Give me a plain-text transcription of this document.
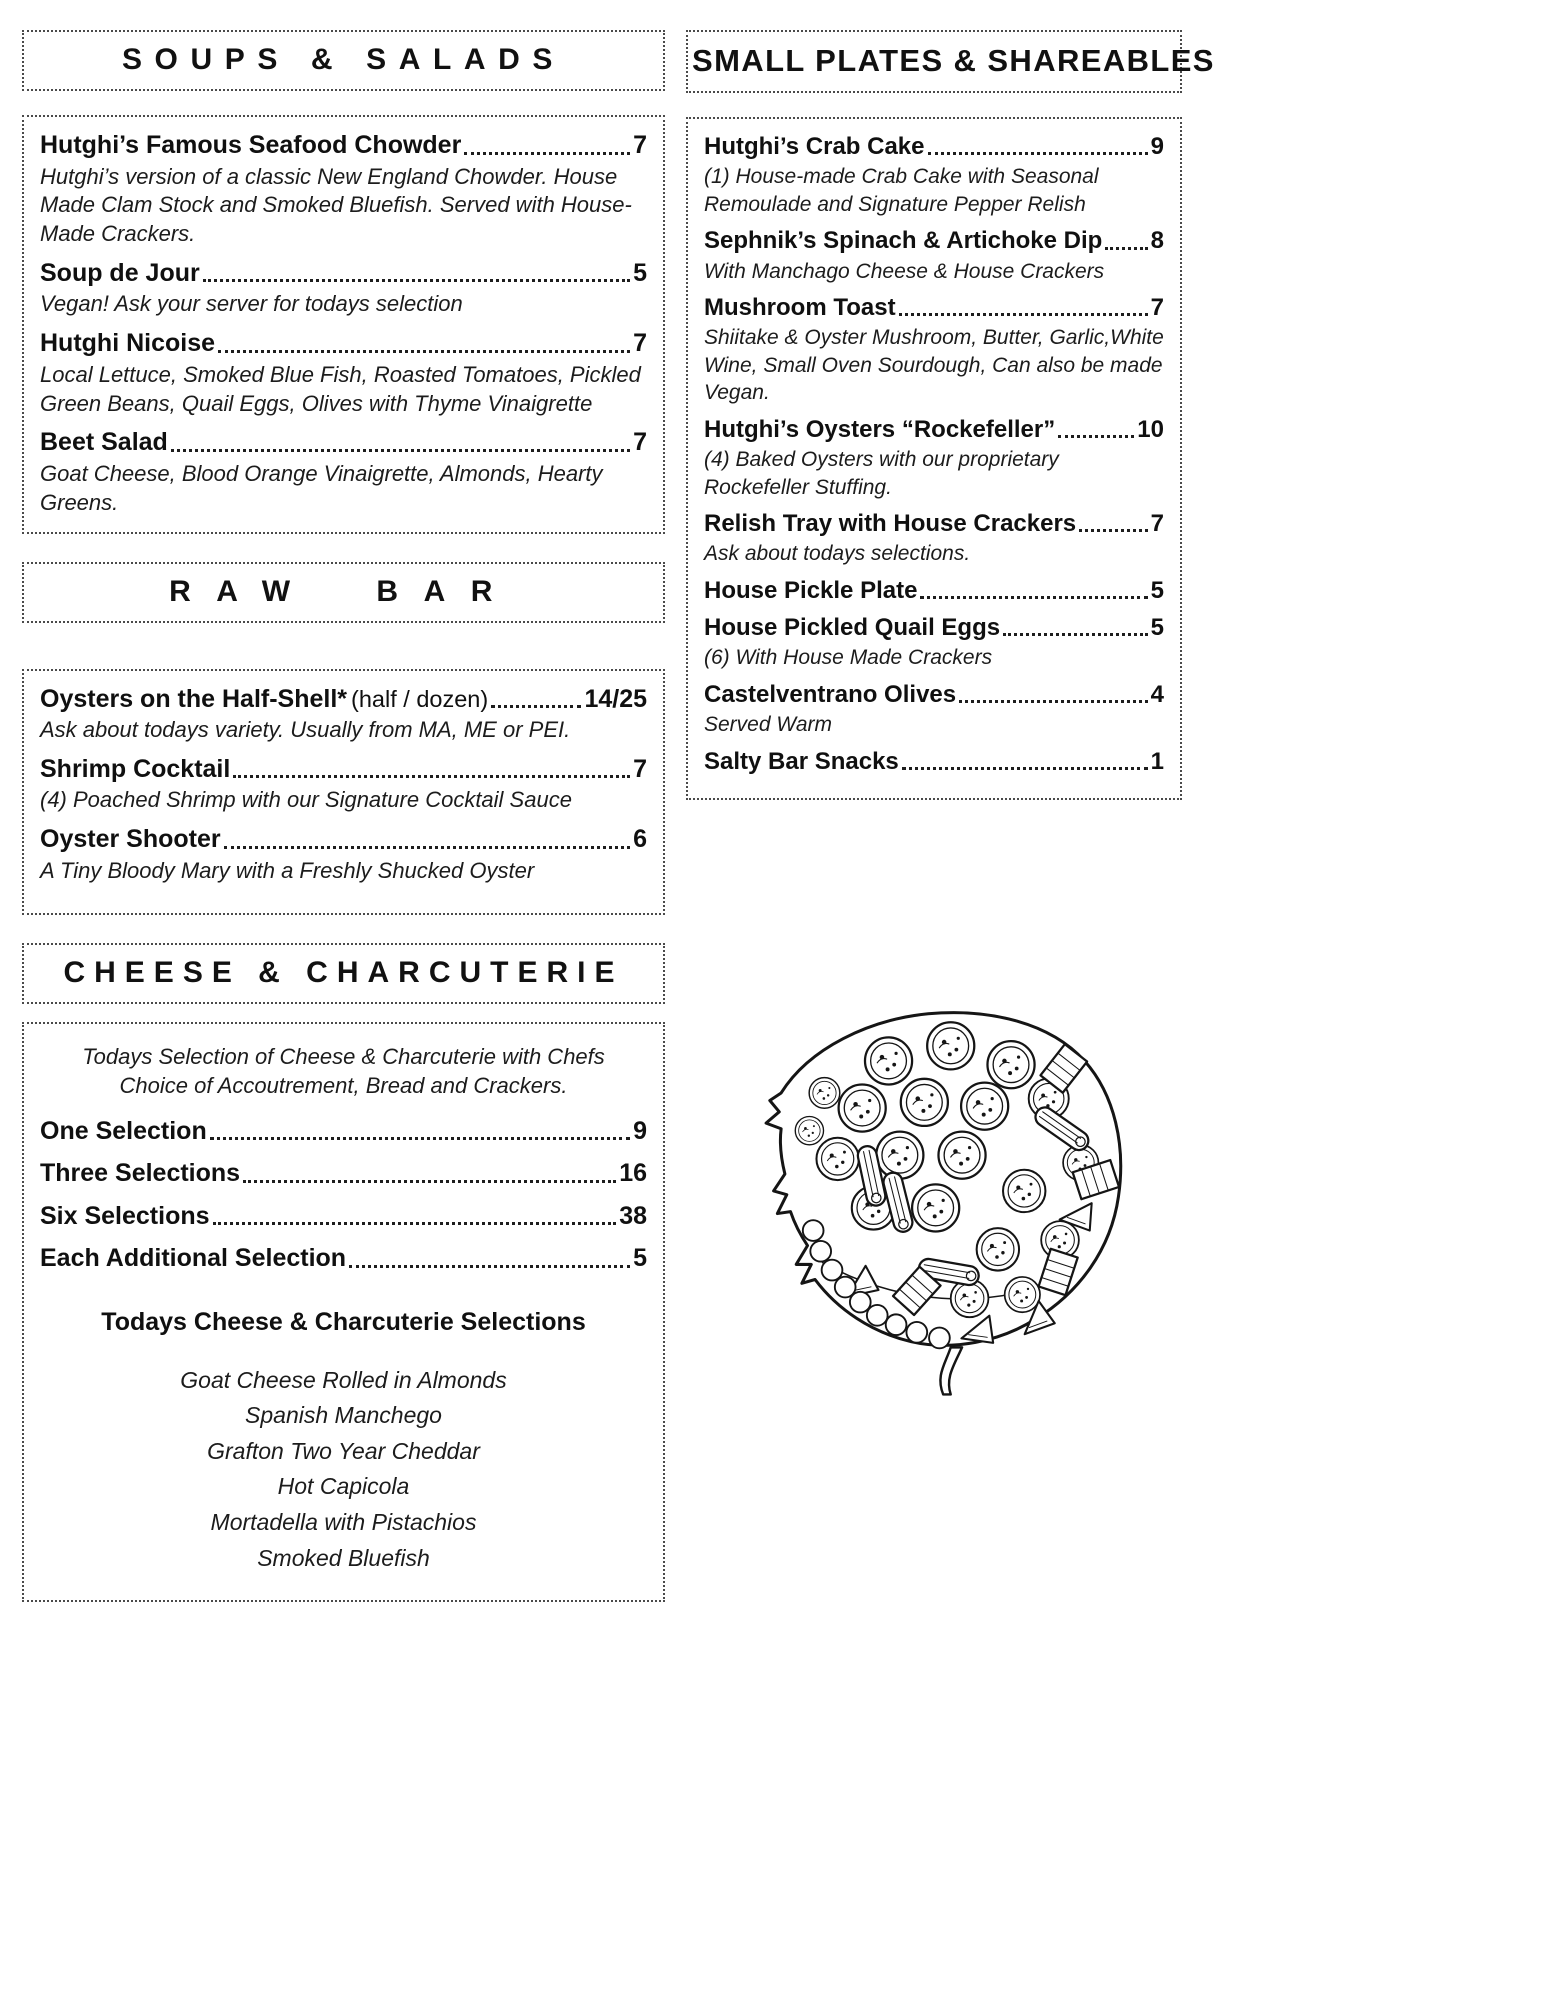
SOUPS & SALADS
Hutghi’s Famous Seafood Chowder	7
Hutghi’s version of a classic New England Chowder. House Made Clam Stock and Smoked Bluefish. Served with House-Made Crackers.
Soup de Jour	5
Vegan! Ask your server for todays selection
Hutghi Nicoise	7
Local Lettuce, Smoked Blue Fish, Roasted Tomatoes, Pickled Green Beans, Quail Eggs, Olives with Thyme Vinaigrette
Beet Salad	7
Goat Cheese, Blood Orange Vinaigrette, Almonds, Hearty Greens.
RAW BAR
Oysters on the Half-Shell* (half / dozen)	14/25
Ask about todays variety. Usually from MA, ME or PEI.
Shrimp Cocktail	7
(4) Poached Shrimp with our Signature Cocktail Sauce
Oyster Shooter	6
A Tiny Bloody Mary with a Freshly Shucked Oyster
CHEESE & CHARCUTERIE
Todays Selection of Cheese & Charcuterie with Chefs Choice of Accoutrement, Bread and Crackers.
One Selection	9
Three Selections	16
Six Selections	38
Each Additional Selection	5
Todays Cheese & Charcuterie Selections
Goat Cheese Rolled in Almonds
Spanish Manchego
Grafton Two Year Cheddar
Hot Capicola
Mortadella with Pistachios
Smoked Bluefish
SMALL PLATES & SHAREABLES
Hutghi’s Crab Cake	9
(1) House-made Crab Cake with Seasonal Remoulade and Signature Pepper Relish
Sephnik’s Spinach & Artichoke Dip 8
With Manchago Cheese & House Crackers
Mushroom Toast	7
Shiitake & Oyster Mushroom, Butter, Garlic,White Wine, Small Oven Sourdough, Can also be made Vegan.
Hutghi’s Oysters “Rockefeller”	10
(4) Baked Oysters with our proprietary Rockefeller Stuffing.
Relish Tray with House Crackers	7
Ask about todays selections.
House Pickle Plate	5
House Pickled Quail Eggs	5
(6) With House Made Crackers
Castelventrano Olives	4
Served Warm
Salty Bar Snacks	1
